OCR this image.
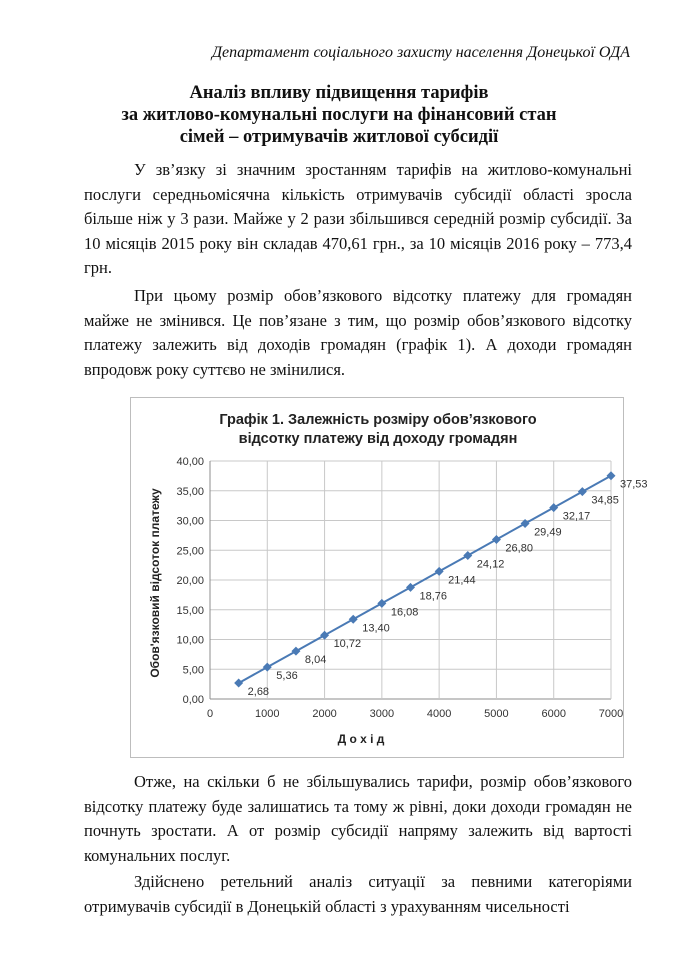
Департамент соціального захисту населення Донецької ОДА
Аналіз впливу підвищення тарифів
за житлово-комунальні послуги на фінансовий стан
сімей – отримувачів житлової субсидії

У зв’язку зі значним зростанням тарифів на житлово-комунальні послуги середньомісячна кількість отримувачів субсидії області зросла більше ніж у 3 рази. Майже у 2 рази збільшився середній розмір субсидії. За 10 місяців 2015 року він складав 470,61 грн., за 10 місяців 2016 року – 773,4 грн.

При цьому розмір обов’язкового відсотку платежу для громадян майже не змінився. Це пов’язане з тим, що розмір обов’язкового відсотку платежу залежить від доходів громадян (графік 1). А доходи громадян впродовж року суттєво не змінилися.

Графік 1. Залежність розміру обов’язкового
відсотку платежу від доходу громадян
Д о х і д
Обов'язковий відсоток платежу
0,00
5,00
10,00
15,00
20,00
25,00
30,00
35,00
40,00
0	1000	2000	3000	4000	5000	6000	7000
2,68
5,36
8,04
10,72
13,40
16,08
18,76
21,44
24,12
26,80
29,49
32,17
34,85
37,53

Отже, на скільки б не збільшувались тарифи, розмір обов’язкового відсотку платежу буде залишатись та тому ж рівні, доки доходи громадян не почнуть зростати. А от розмір субсидії напряму залежить від вартості комунальних послуг.

Здійснено ретельний аналіз ситуації за певними категоріями отримувачів субсидії в Донецькій області з урахуванням чисельності
